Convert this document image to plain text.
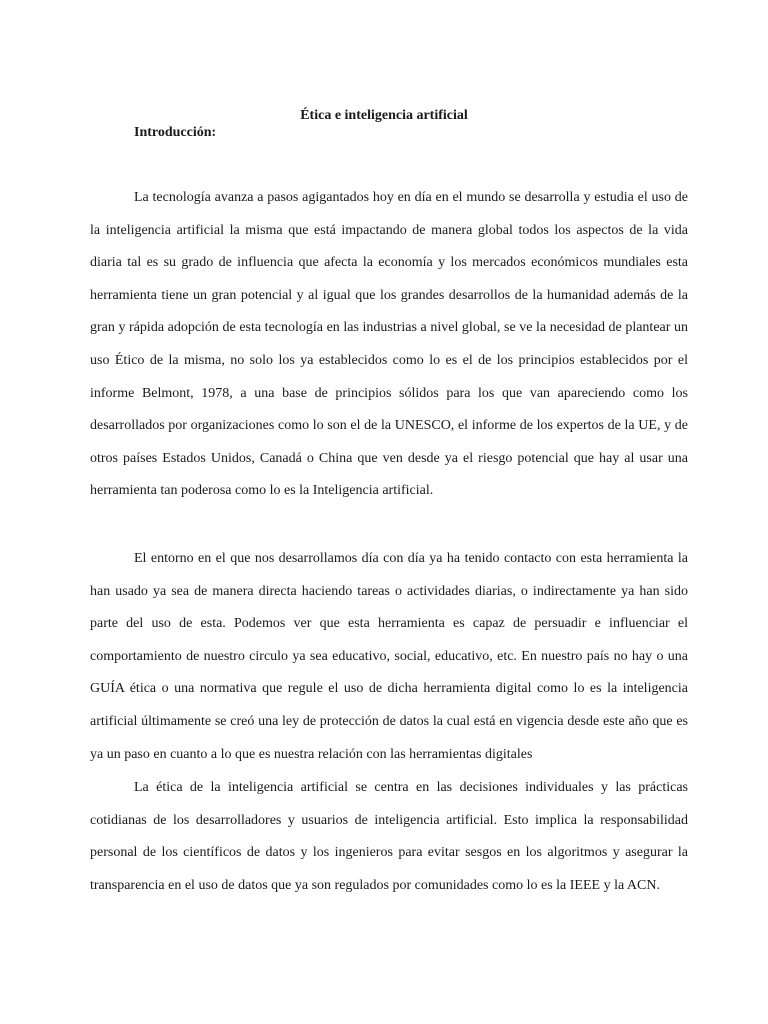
Ética e inteligencia artificial
Introducción:

La tecnología avanza a pasos agigantados hoy en día en el mundo se desarrolla y estudia el uso de la inteligencia artificial la misma que está impactando de manera global todos los aspectos de la vida diaria tal es su grado de influencia que afecta la economía y los mercados económicos mundiales esta herramienta tiene un gran potencial y al igual que los grandes desarrollos de la humanidad además de la gran y rápida adopción de esta tecnología en las industrias a nivel global, se ve la necesidad de plantear un uso Ético de la misma, no solo los ya establecidos como lo es el de los principios establecidos por el informe Belmont, 1978, a una base de principios sólidos para los que van apareciendo como los desarrollados por organizaciones como lo son el de la UNESCO, el informe de los expertos de la UE, y de otros países Estados Unidos, Canadá o China que ven desde ya el riesgo potencial que hay al usar una herramienta tan poderosa como lo es la Inteligencia artificial.

El entorno en el que nos desarrollamos día con día ya ha tenido contacto con esta herramienta la han usado ya sea de manera directa haciendo tareas o actividades diarias, o indirectamente ya han sido parte del uso de esta. Podemos ver que esta herramienta es capaz de persuadir e influenciar el comportamiento de nuestro circulo ya sea educativo, social, educativo, etc. En nuestro país no hay o una GUÍA ética o una normativa que regule el uso de dicha herramienta digital como lo es la inteligencia artificial últimamente se creó una ley de protección de datos la cual está en vigencia desde este año que es ya un paso en cuanto a lo que es nuestra relación con las herramientas digitales

La ética de la inteligencia artificial se centra en las decisiones individuales y las prácticas cotidianas de los desarrolladores y usuarios de inteligencia artificial. Esto implica la responsabilidad personal de los científicos de datos y los ingenieros para evitar sesgos en los algoritmos y asegurar la transparencia en el uso de datos que ya son regulados por comunidades como lo es la IEEE y la ACN.
